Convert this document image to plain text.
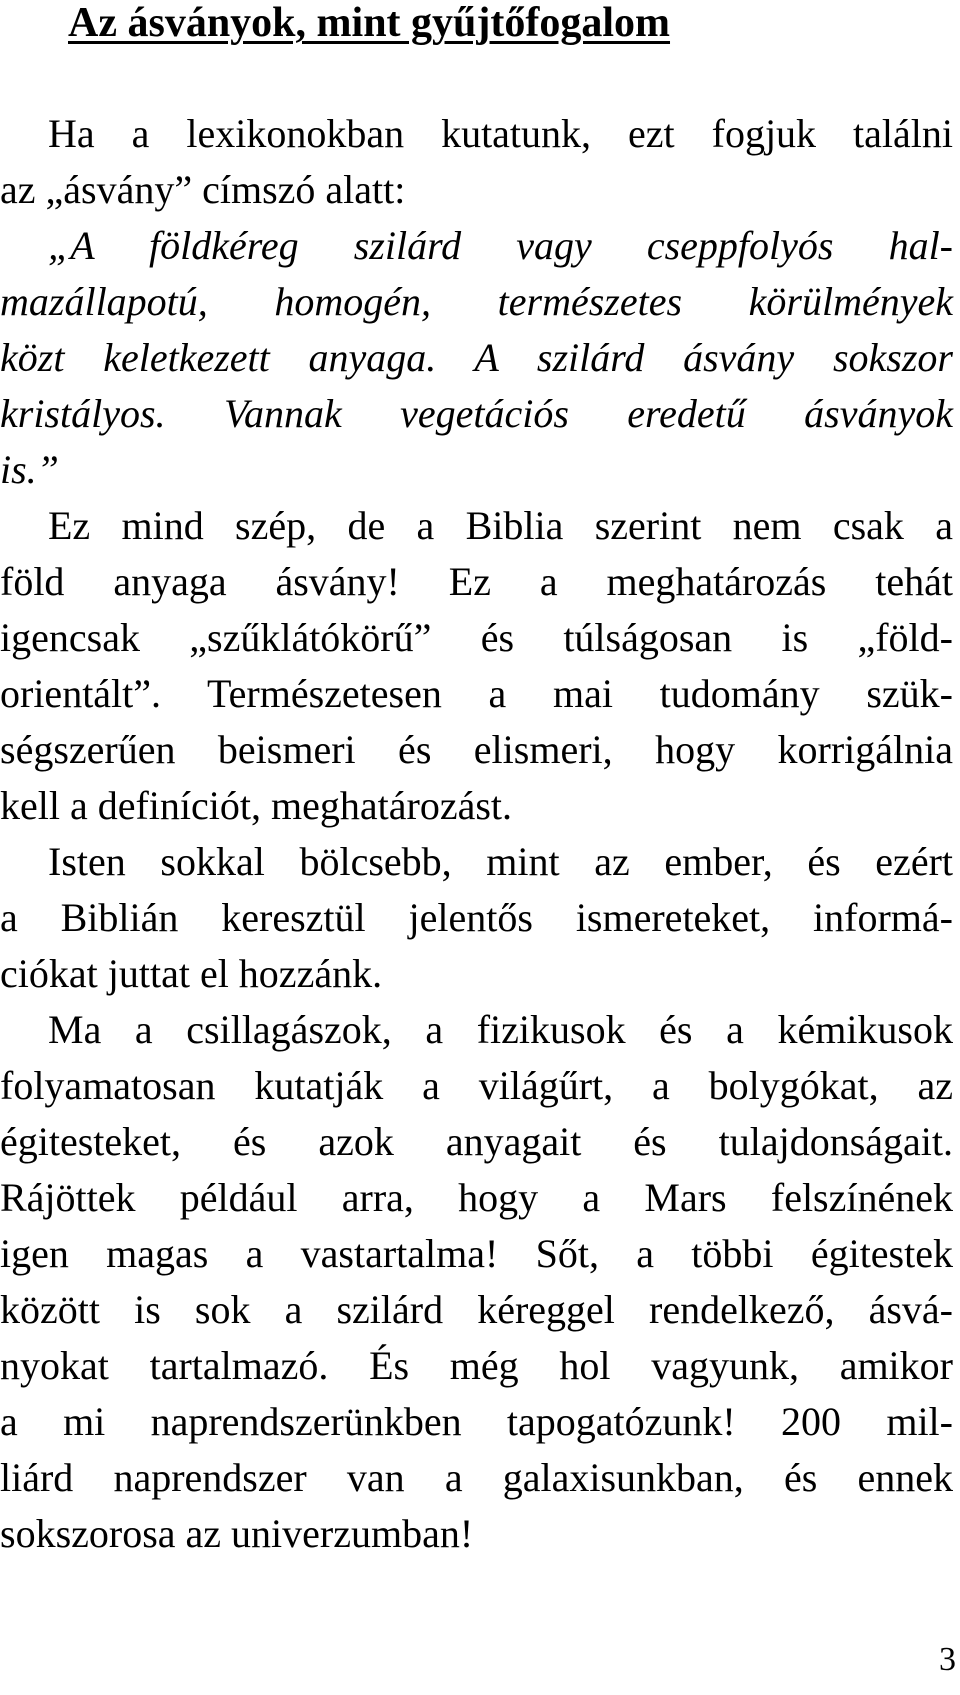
Az ásványok, mint gyűjtőfogalom

Ha a lexikonokban kutatunk, ezt fogjuk találni

az „ásvány” címszó alatt:

„A földkéreg szilárd vagy cseppfolyós hal-

mazállapotú, homogén, természetes körülmények

közt keletkezett anyaga. A szilárd ásvány sokszor

kristályos. Vannak vegetációs eredetű ásványok

is.”

Ez mind szép, de a Biblia szerint nem csak a

föld anyaga ásvány! Ez a meghatározás tehát

igencsak „szűklátókörű” és túlságosan is „föld-

orientált”. Természetesen a mai tudomány szük-

ségszerűen beismeri és elismeri, hogy korrigálnia

kell a definíciót, meghatározást.

Isten sokkal bölcsebb, mint az ember, és ezért

a Biblián keresztül jelentős ismereteket, informá-

ciókat juttat el hozzánk.

Ma a csillagászok, a fizikusok és a kémikusok

folyamatosan kutatják a világűrt, a bolygókat, az

égitesteket, és azok anyagait és tulajdonságait.

Rájöttek például arra, hogy a Mars felszínének

igen magas a vastartalma! Sőt, a többi égitestek

között is sok a szilárd kéreggel rendelkező, ásvá-

nyokat tartalmazó. És még hol vagyunk, amikor

a mi naprendszerünkben tapogatózunk! 200 mil-

liárd naprendszer van a galaxisunkban, és ennek

sokszorosa az univerzumban!

3
